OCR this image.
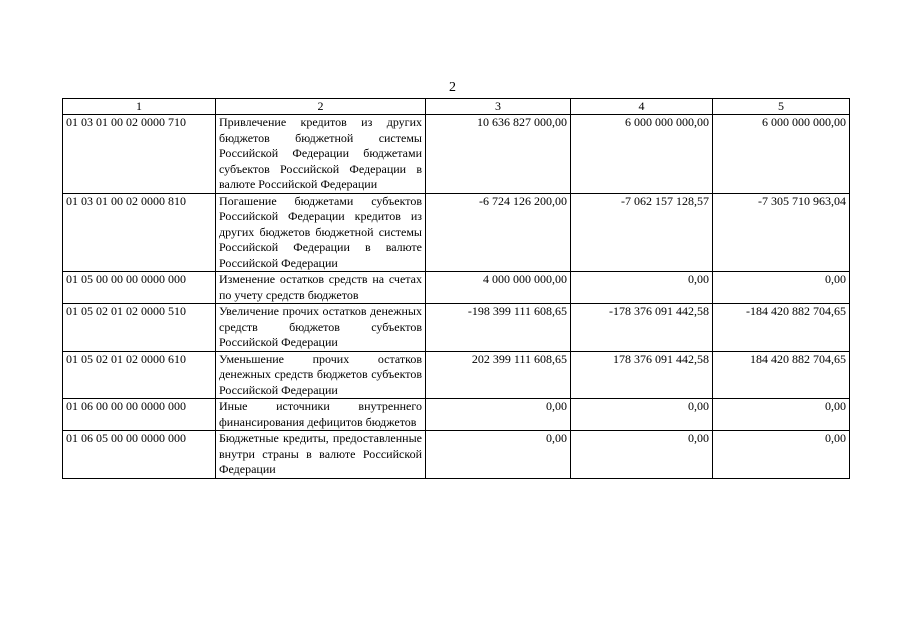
2
1	2	3	4	5
01 03 01 00 02 0000 710	Привлечение кредитов из других бюджетов бюджетной системы Российской Федерации бюджетами субъектов Российской Федерации в валюте Российской Федерации	10 636 827 000,00	6 000 000 000,00	6 000 000 000,00
01 03 01 00 02 0000 810	Погашение бюджетами субъектов Российской Федерации кредитов из других бюджетов бюджетной системы Российской Федерации в валюте Российской Федерации	-6 724 126 200,00	-7 062 157 128,57	-7 305 710 963,04
01 05 00 00 00 0000 000	Изменение остатков средств на счетах по учету средств бюджетов	4 000 000 000,00	0,00	0,00
01 05 02 01 02 0000 510	Увеличение прочих остатков денежных средств бюджетов субъектов Российской Федерации	-198 399 111 608,65	-178 376 091 442,58	-184 420 882 704,65
01 05 02 01 02 0000 610	Уменьшение прочих остатков денежных средств бюджетов субъектов Российской Федерации	202 399 111 608,65	178 376 091 442,58	184 420 882 704,65
01 06 00 00 00 0000 000	Иные источники внутреннего финансирования дефицитов бюджетов	0,00	0,00	0,00
01 06 05 00 00 0000 000	Бюджетные кредиты, предоставленные внутри страны в валюте Российской Федерации	0,00	0,00	0,00
